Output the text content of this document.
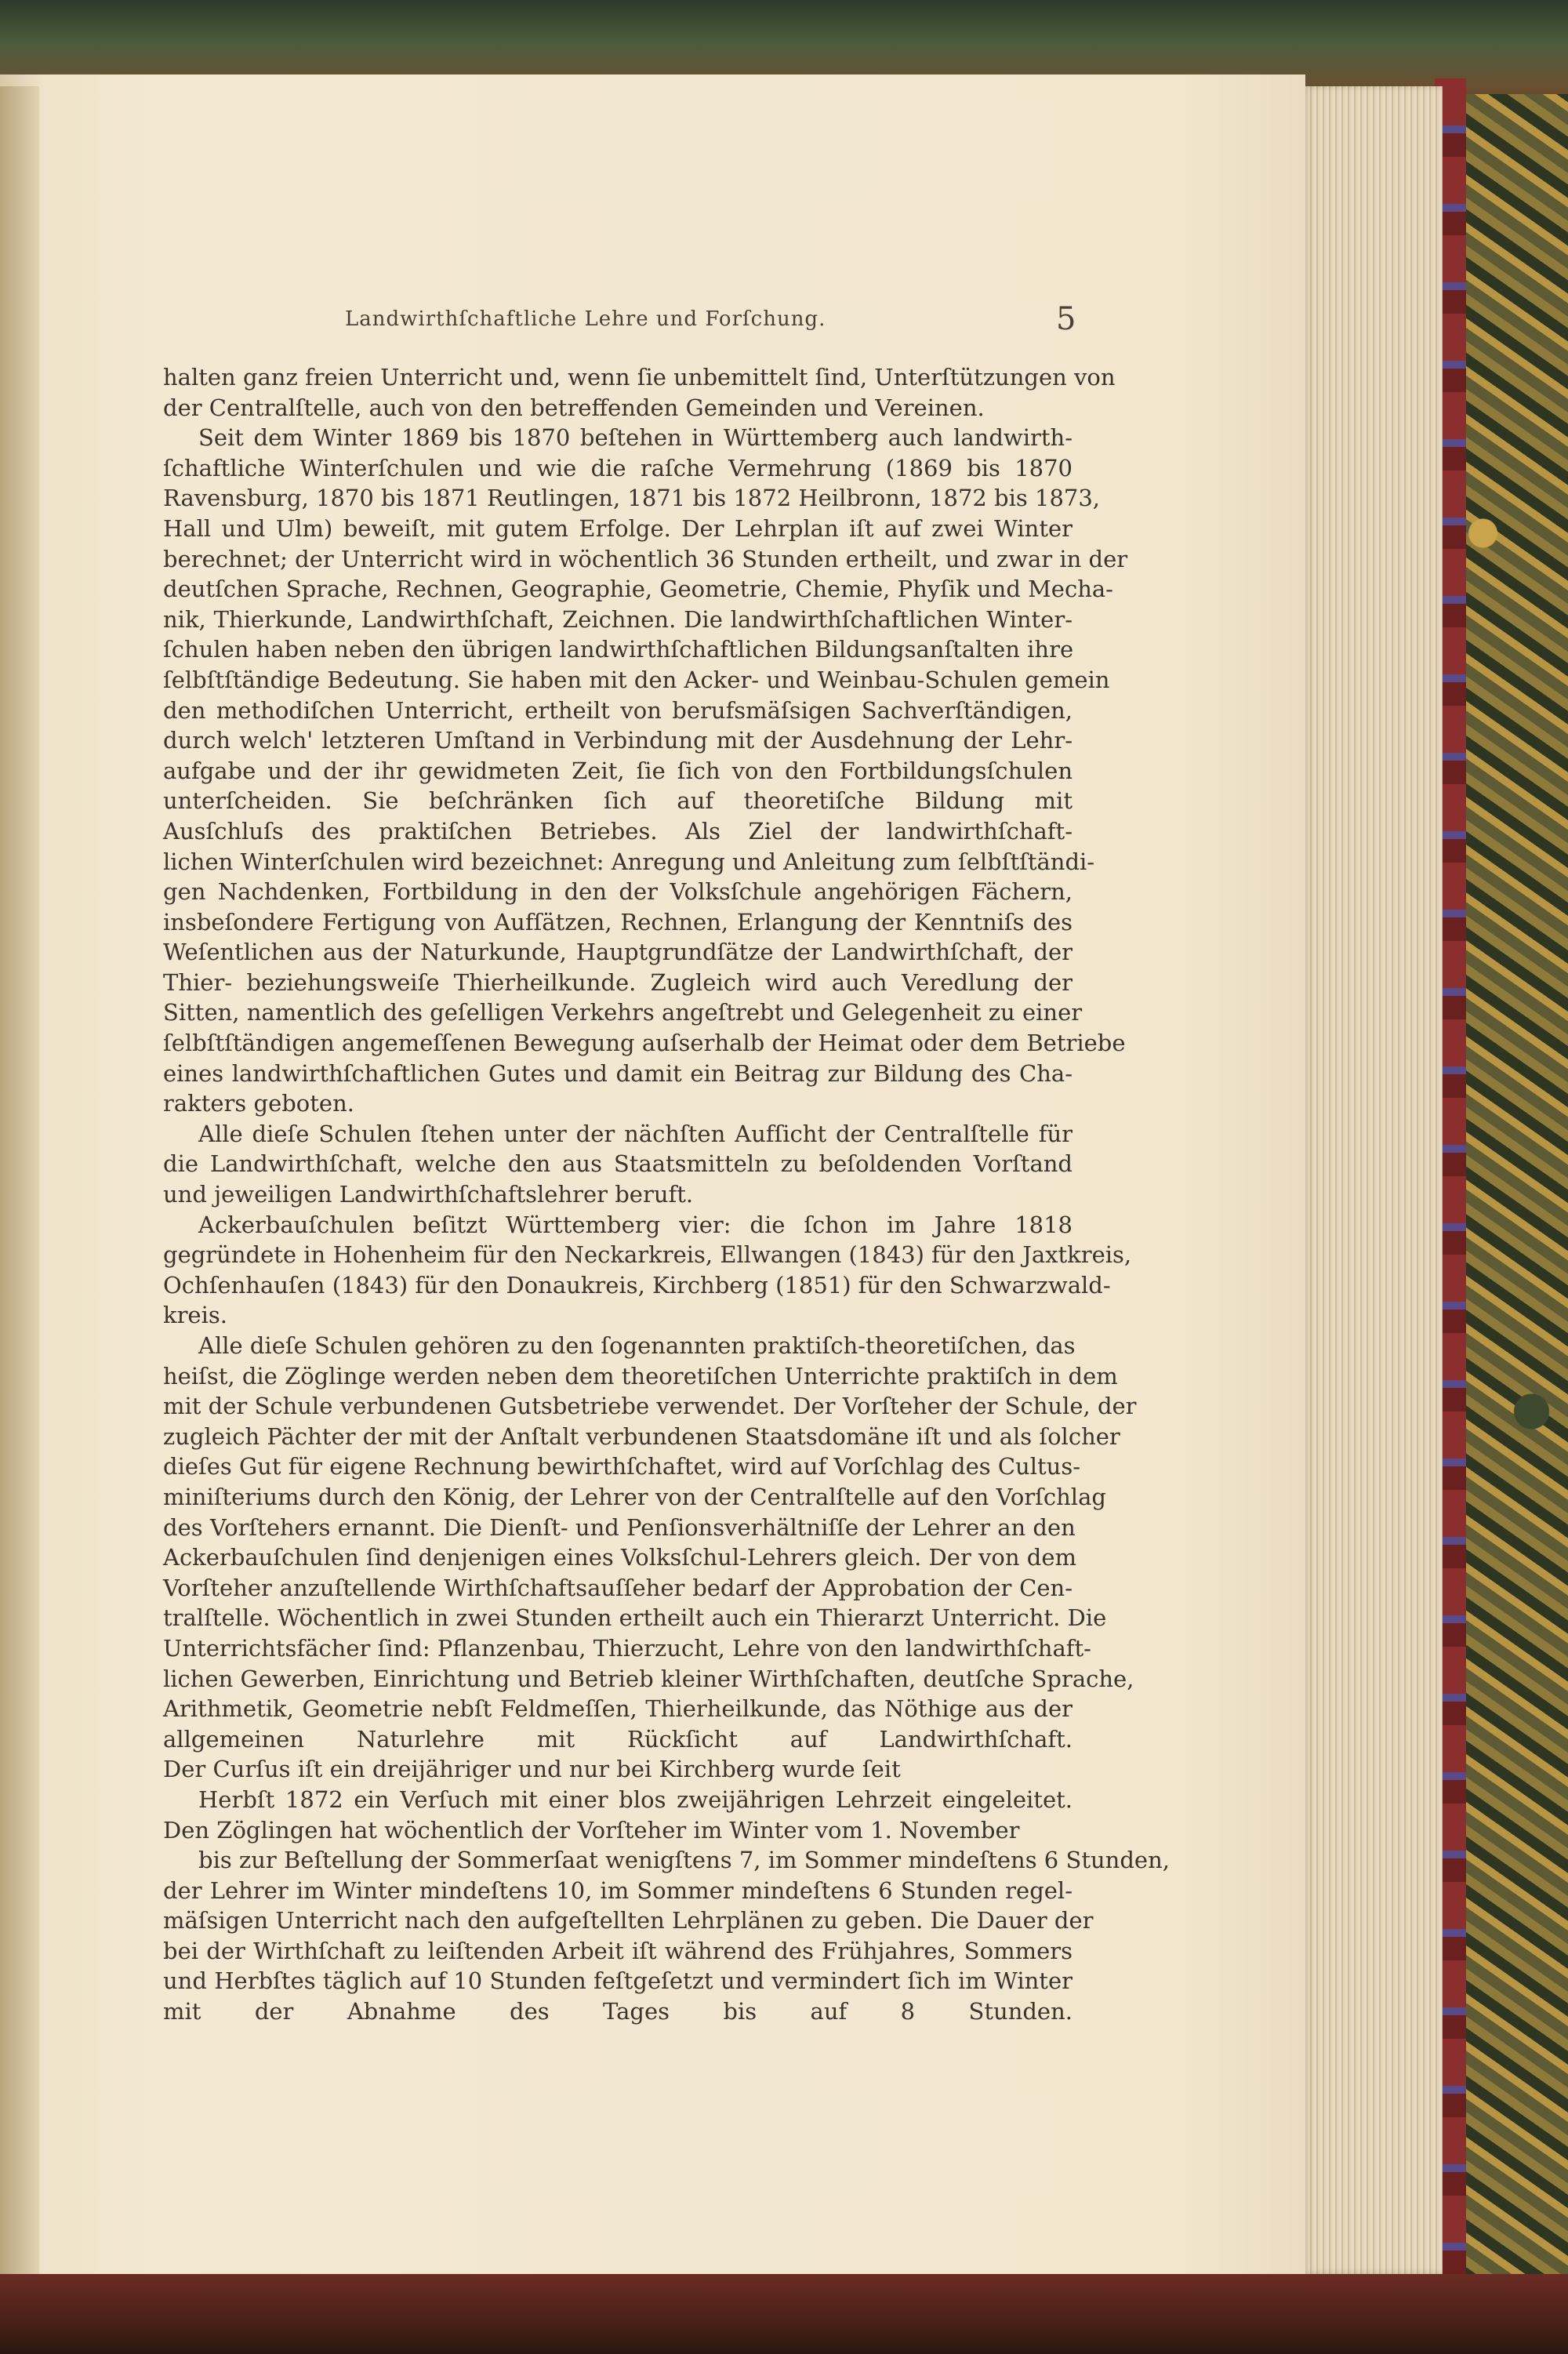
Landwirthſchaftliche Lehre und Forſchung.	5
halten ganz freien Unterricht und, wenn ſie unbemittelt ſind, Unterſtützungen von
der Centralſtelle, auch von den betreffenden Gemeinden und Vereinen.
Seit dem Winter 1869 bis 1870 beſtehen in Württemberg auch landwirth-
ſchaftliche Winterſchulen und wie die raſche Vermehrung (1869 bis 1870
Ravensburg, 1870 bis 1871 Reutlingen, 1871 bis 1872 Heilbronn, 1872 bis 1873,
Hall und Ulm) beweiſt, mit gutem Erfolge. Der Lehrplan iſt auf zwei Winter
berechnet; der Unterricht wird in wöchentlich 36 Stunden ertheilt, und zwar in der
deutſchen Sprache, Rechnen, Geographie, Geometrie, Chemie, Phyſik und Mecha-
nik, Thierkunde, Landwirthſchaft, Zeichnen. Die landwirthſchaftlichen Winter-
ſchulen haben neben den übrigen landwirthſchaftlichen Bildungsanſtalten ihre
ſelbſtſtändige Bedeutung. Sie haben mit den Acker- und Weinbau-Schulen gemein
den methodiſchen Unterricht, ertheilt von berufsmäſsigen Sachverſtändigen,
durch welch' letzteren Umſtand in Verbindung mit der Ausdehnung der Lehr-
aufgabe und der ihr gewidmeten Zeit, ſie ſich von den Fortbildungsſchulen
unterſcheiden. Sie beſchränken ſich auf theoretiſche Bildung mit
Ausſchluſs des praktiſchen Betriebes. Als Ziel der landwirthſchaft-
lichen Winterſchulen wird bezeichnet: Anregung und Anleitung zum ſelbſtſtändi-
gen Nachdenken, Fortbildung in den der Volksſchule angehörigen Fächern,
insbeſondere Fertigung von Aufſätzen, Rechnen, Erlangung der Kenntniſs des
Weſentlichen aus der Naturkunde, Hauptgrundſätze der Landwirthſchaft, der
Thier- beziehungsweiſe Thierheilkunde. Zugleich wird auch Veredlung der
Sitten, namentlich des geſelligen Verkehrs angeſtrebt und Gelegenheit zu einer
ſelbſtſtändigen angemeſſenen Bewegung auſserhalb der Heimat oder dem Betriebe
eines landwirthſchaftlichen Gutes und damit ein Beitrag zur Bildung des Cha-
rakters geboten.
Alle dieſe Schulen ſtehen unter der nächſten Aufſicht der Centralſtelle für
die Landwirthſchaft, welche den aus Staatsmitteln zu beſoldenden Vorſtand
und jeweiligen Landwirthſchaftslehrer beruft.
Ackerbauſchulen beſitzt Württemberg vier: die ſchon im Jahre 1818
gegründete in Hohenheim für den Neckarkreis, Ellwangen (1843) für den Jaxtkreis,
Ochſenhauſen (1843) für den Donaukreis, Kirchberg (1851) für den Schwarzwald-
kreis.
Alle dieſe Schulen gehören zu den ſogenannten praktiſch-theoretiſchen, das
heiſst, die Zöglinge werden neben dem theoretiſchen Unterrichte praktiſch in dem
mit der Schule verbundenen Gutsbetriebe verwendet. Der Vorſteher der Schule, der
zugleich Pächter der mit der Anſtalt verbundenen Staatsdomäne iſt und als ſolcher
dieſes Gut für eigene Rechnung bewirthſchaftet, wird auf Vorſchlag des Cultus-
miniſteriums durch den König, der Lehrer von der Centralſtelle auf den Vorſchlag
des Vorſtehers ernannt. Die Dienſt- und Penſionsverhältniſſe der Lehrer an den
Ackerbauſchulen ſind denjenigen eines Volksſchul-Lehrers gleich. Der von dem
Vorſteher anzuſtellende Wirthſchaftsauſſeher bedarf der Approbation der Cen-
tralſtelle. Wöchentlich in zwei Stunden ertheilt auch ein Thierarzt Unterricht. Die
Unterrichtsfächer ſind: Pflanzenbau, Thierzucht, Lehre von den landwirthſchaft-
lichen Gewerben, Einrichtung und Betrieb kleiner Wirthſchaften, deutſche Sprache,
Arithmetik, Geometrie nebſt Feldmeſſen, Thierheilkunde, das Nöthige aus der
allgemeinen Naturlehre mit Rückſicht auf Landwirthſchaft.
Der Curſus iſt ein dreijähriger und nur bei Kirchberg wurde ſeit
Herbſt 1872 ein Verſuch mit einer blos zweijährigen Lehrzeit eingeleitet.
Den Zöglingen hat wöchentlich der Vorſteher im Winter vom 1. November
bis zur Beſtellung der Sommerſaat wenigſtens 7, im Sommer mindeſtens 6 Stunden,
der Lehrer im Winter mindeſtens 10, im Sommer mindeſtens 6 Stunden regel-
mäſsigen Unterricht nach den aufgeſtellten Lehrplänen zu geben. Die Dauer der
bei der Wirthſchaft zu leiſtenden Arbeit iſt während des Frühjahres, Sommers
und Herbſtes täglich auf 10 Stunden feſtgeſetzt und vermindert ſich im Winter
mit der Abnahme des Tages bis auf 8 Stunden.
